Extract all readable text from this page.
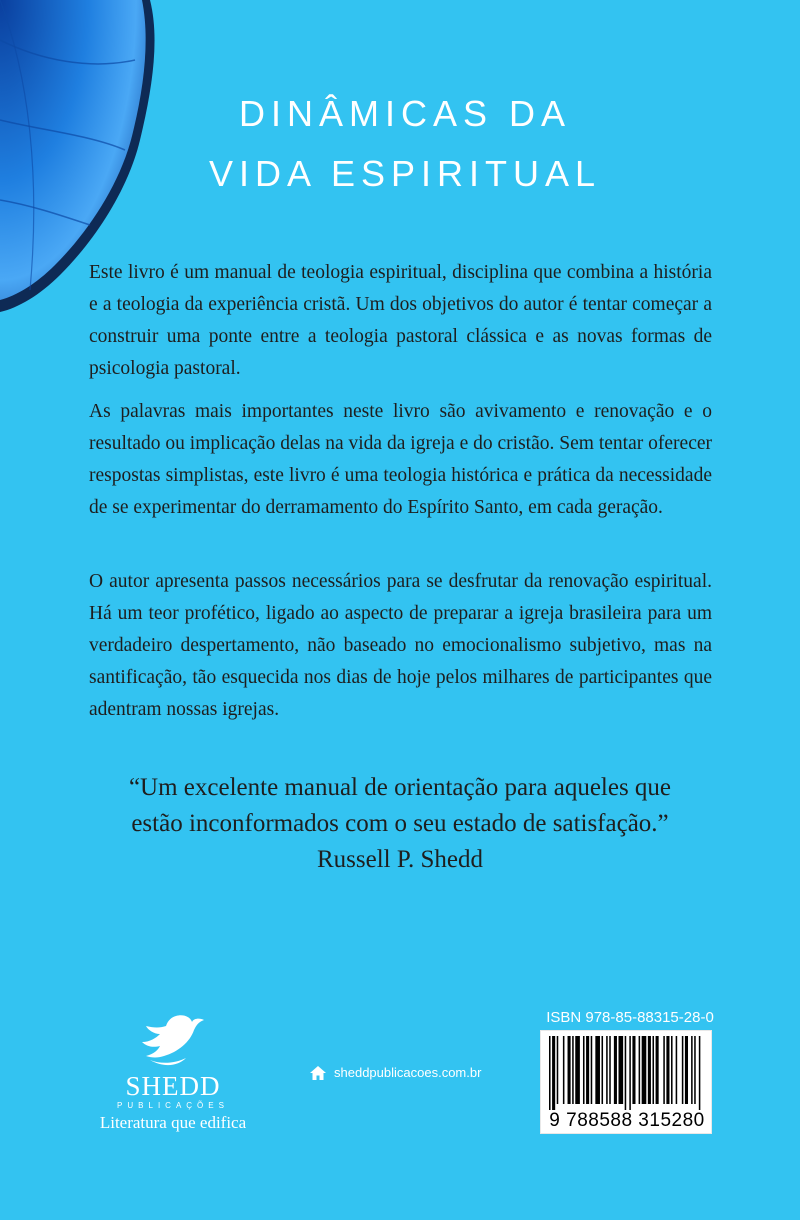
DINÂMICAS DA
VIDA ESPIRITUAL

Este livro é um manual de teologia espiritual, disciplina que combina a história e a teologia da experiência cristã. Um dos objetivos do autor é tentar começar a construir uma ponte entre a teologia pastoral clássica e as novas formas de psicologia pastoral.

As palavras mais importantes neste livro são avivamento e renovação e o resultado ou implicação delas na vida da igreja e do cristão. Sem tentar oferecer respostas simplistas, este livro é uma teologia histórica e prática da necessidade de se experimentar do derramamento do Espírito Santo, em cada geração.

O autor apresenta passos necessários para se desfrutar da renovação espiritual. Há um teor profético, ligado ao aspecto de preparar a igreja brasileira para um verdadeiro despertamento, não baseado no emocionalismo subjetivo, mas na santificação, tão esquecida nos dias de hoje pelos milhares de participantes que adentram nossas igrejas.

“Um excelente manual de orientação para aqueles que
estão inconformados com o seu estado de satisfação.”
Russell P. Shedd
SHEDD
PUBLICAÇÕES
Literatura que edifica
sheddpublicacoes.com.br
ISBN 978-85-88315-28-0
9 788588 315280
